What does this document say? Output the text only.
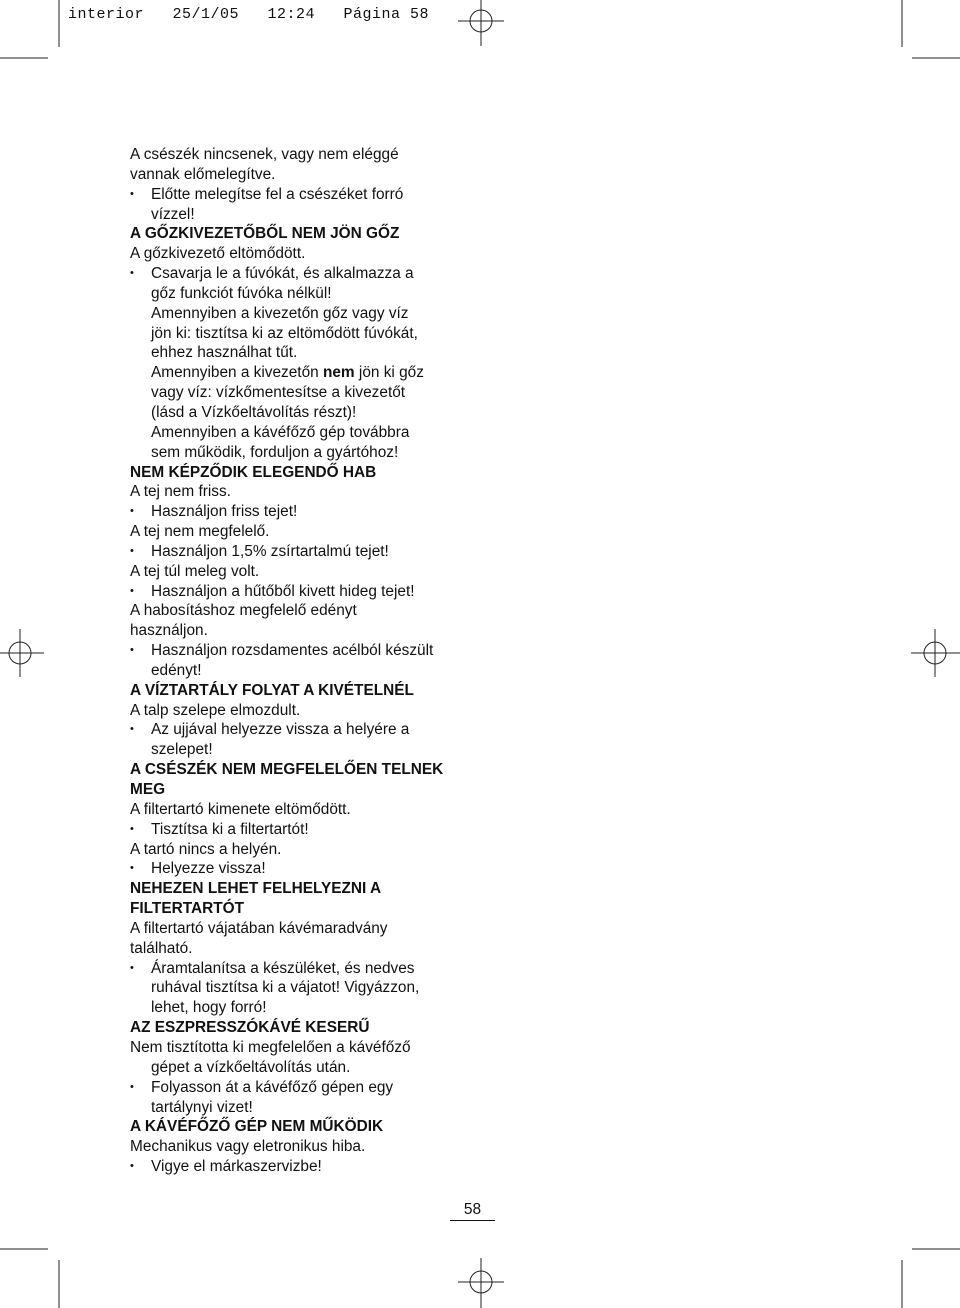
interior   25/1/05   12:24   Página 58

A csészék nincsenek, vagy nem eléggé

vannak előmelegítve.

• Előtte melegítse fel a csészéket forró

vízzel!

A GŐZKIVEZETŐBŐL NEM JÖN GŐZ

A gőzkivezető eltömődött.

• Csavarja le a fúvókát, és alkalmazza a

gőz funkciót fúvóka nélkül!

Amennyiben a kivezetőn gőz vagy víz

jön ki: tisztítsa ki az eltömődött fúvókát,

ehhez használhat tűt.

Amennyiben a kivezetőn nem jön ki gőz

vagy víz: vízkőmentesítse a kivezetőt

(lásd a Vízkőeltávolítás részt)!

Amennyiben a kávéfőző gép továbbra

sem működik, forduljon a gyártóhoz!

NEM KÉPZŐDIK ELEGENDŐ HAB

A tej nem friss.

• Használjon friss tejet!

A tej nem megfelelő.

• Használjon 1,5% zsírtartalmú tejet!

A tej túl meleg volt.

• Használjon a hűtőből kivett hideg tejet!

A habosításhoz megfelelő edényt

használjon.

• Használjon rozsdamentes acélból készült

edényt!

A VÍZTARTÁLY FOLYAT A KIVÉTELNÉL

A talp szelepe elmozdult.

• Az ujjával helyezze vissza a helyére a

szelepet!

A CSÉSZÉK NEM MEGFELELŐEN TELNEK

MEG

A filtertartó kimenete eltömődött.

• Tisztítsa ki a filtertartót!

A tartó nincs a helyén.

• Helyezze vissza!

NEHEZEN LEHET FELHELYEZNI A

FILTERTARTÓT

A filtertartó vájatában kávémaradvány

található.

• Áramtalanítsa a készüléket, és nedves

ruhával tisztítsa ki a vájatot! Vigyázzon,

lehet, hogy forró!

AZ ESZPRESSZÓKÁVÉ KESERŰ

Nem tisztította ki megfelelően a kávéfőző

gépet a vízkőeltávolítás után.

• Folyasson át a kávéfőző gépen egy

tartálynyi vizet!

A KÁVÉFŐZŐ GÉP NEM MŰKÖDIK

Mechanikus vagy eletronikus hiba.

• Vigye el márkaszervizbe!

58
